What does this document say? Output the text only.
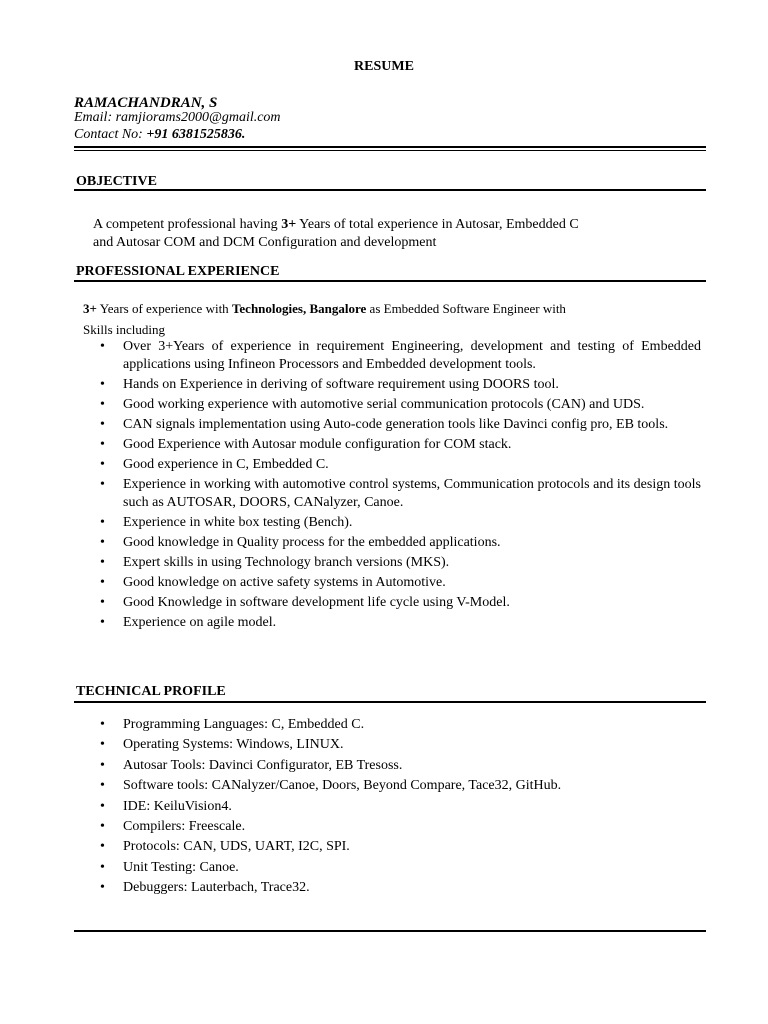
RESUME
RAMACHANDRAN, S
Email: ramjiorams2000@gmail.com
Contact No: +91 6381525836.
OBJECTIVE
A competent professional having 3+ Years of total experience in Autosar, Embedded C
and Autosar COM and DCM Configuration and development
PROFESSIONAL EXPERIENCE
3+ Years of experience with Technologies, Bangalore as Embedded Software Engineer with
Skills including
• Over 3+Years of experience in requirement Engineering, development and testing of Embedded applications using Infineon Processors and Embedded development tools.
• Hands on Experience in deriving of software requirement using DOORS tool.
• Good working experience with automotive serial communication protocols (CAN) and UDS.
• CAN signals implementation using Auto-code generation tools like Davinci config pro, EB tools.
• Good Experience with Autosar module configuration for COM stack.
• Good experience in C, Embedded C.
• Experience in working with automotive control systems, Communication protocols and its design tools such as AUTOSAR, DOORS, CANalyzer, Canoe.
• Experience in white box testing (Bench).
• Good knowledge in Quality process for the embedded applications.
• Expert skills in using Technology branch versions (MKS).
• Good knowledge on active safety systems in Automotive.
• Good Knowledge in software development life cycle using V-Model.
• Experience on agile model.
TECHNICAL PROFILE
• Programming Languages: C, Embedded C.
• Operating Systems: Windows, LINUX.
• Autosar Tools: Davinci Configurator, EB Tresoss.
• Software tools: CANalyzer/Canoe, Doors, Beyond Compare, Tace32, GitHub.
• IDE: KeiluVision4.
• Compilers: Freescale.
• Protocols: CAN, UDS, UART, I2C, SPI.
• Unit Testing: Canoe.
• Debuggers: Lauterbach, Trace32.
